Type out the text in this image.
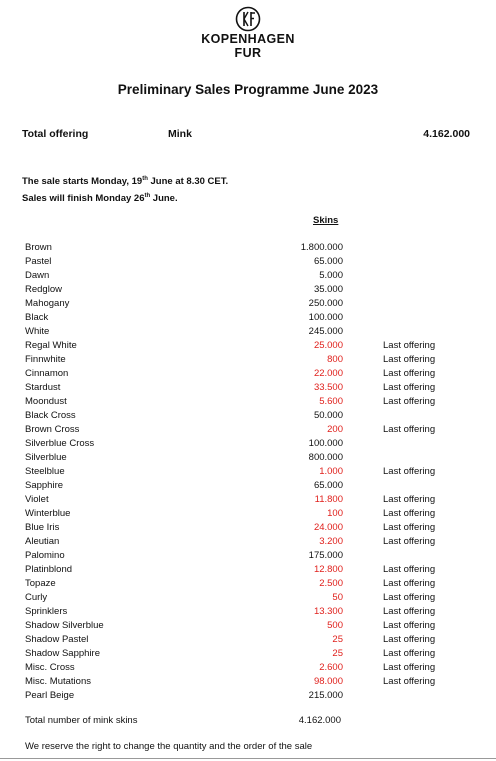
KOPENHAGEN
FUR
Preliminary Sales Programme June 2023
Total offering	Mink	4.162.000
The sale starts Monday, 19th June at 8.30 CET.
Sales will finish Monday 26th June.
Skins
Brown	1.800.000	
Pastel	65.000	
Dawn	5.000	
Redglow	35.000	
Mahogany	250.000	
Black	100.000	
White	245.000	
Regal White	25.000	Last offering
Finnwhite	800	Last offering
Cinnamon	22.000	Last offering
Stardust	33.500	Last offering
Moondust	5.600	Last offering
Black Cross	50.000	
Brown Cross	200	Last offering
Silverblue Cross	100.000	
Silverblue	800.000	
Steelblue	1.000	Last offering
Sapphire	65.000	
Violet	11.800	Last offering
Winterblue	100	Last offering
Blue Iris	24.000	Last offering
Aleutian	3.200	Last offering
Palomino	175.000	
Platinblond	12.800	Last offering
Topaze	2.500	Last offering
Curly	50	Last offering
Sprinklers	13.300	Last offering
Shadow Silverblue	500	Last offering
Shadow Pastel	25	Last offering
Shadow Sapphire	25	Last offering
Misc. Cross	2.600	Last offering
Misc. Mutations	98.000	Last offering
Pearl Beige	215.000	
Total number of mink skins	4.162.000
We reserve the right to change the quantity and the order of the sale
